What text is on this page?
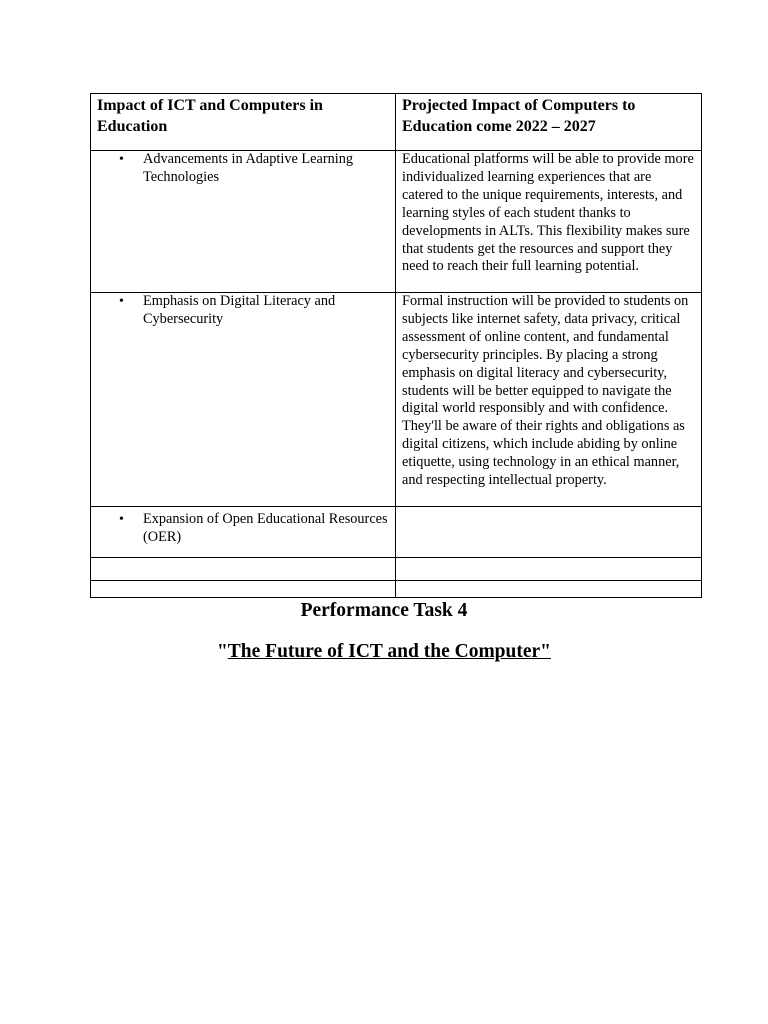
Impact of ICT and Computers in Education	Projected Impact of Computers to Education come 2022 – 2027

• Advancements in Adaptive Learning Technologies	Educational platforms will be able to provide more individualized learning experiences that are catered to the unique requirements, interests, and learning styles of each student thanks to developments in ALTs. This flexibility makes sure that students get the resources and support they need to reach their full learning potential.

• Emphasis on Digital Literacy and Cybersecurity	Formal instruction will be provided to students on subjects like internet safety, data privacy, critical assessment of online content, and fundamental cybersecurity principles. By placing a strong emphasis on digital literacy and cybersecurity, students will be better equipped to navigate the digital world responsibly and with confidence. They'll be aware of their rights and obligations as digital citizens, which include abiding by online etiquette, using technology in an ethical manner, and respecting intellectual property.

• Expansion of Open Educational Resources (OER)	

Performance Task 4
"The Future of ICT and the Computer"
